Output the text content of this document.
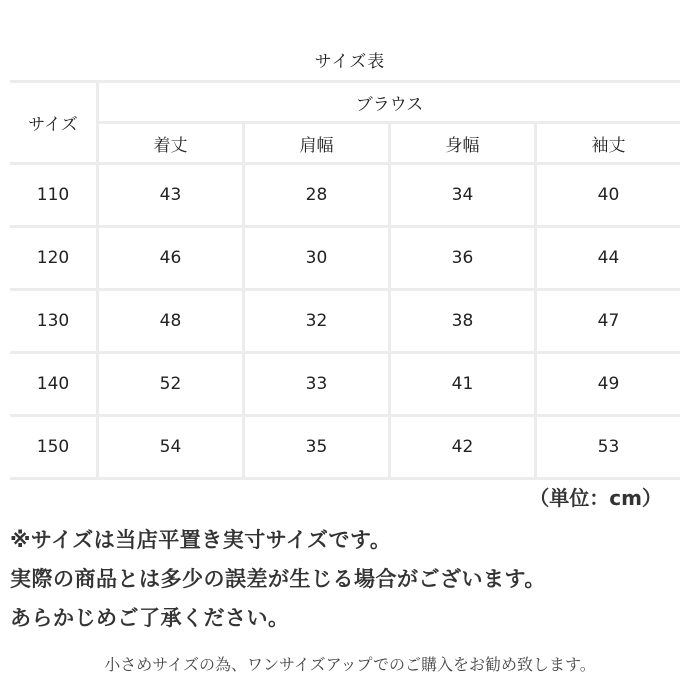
サイズ表
サイズ	ブラウス			
	着丈	肩幅	身幅	袖丈
110	43	28	34	40
120	46	30	36	44
130	48	32	38	47
140	52	33	41	49
150	54	35	42	53
（単位：cm）
※サイズは当店平置き実寸サイズです。
実際の商品とは多少の誤差が生じる場合がございます。
あらかじめご了承ください。
小さめサイズの為、ワンサイズアップでのご購入をお勧め致します。
